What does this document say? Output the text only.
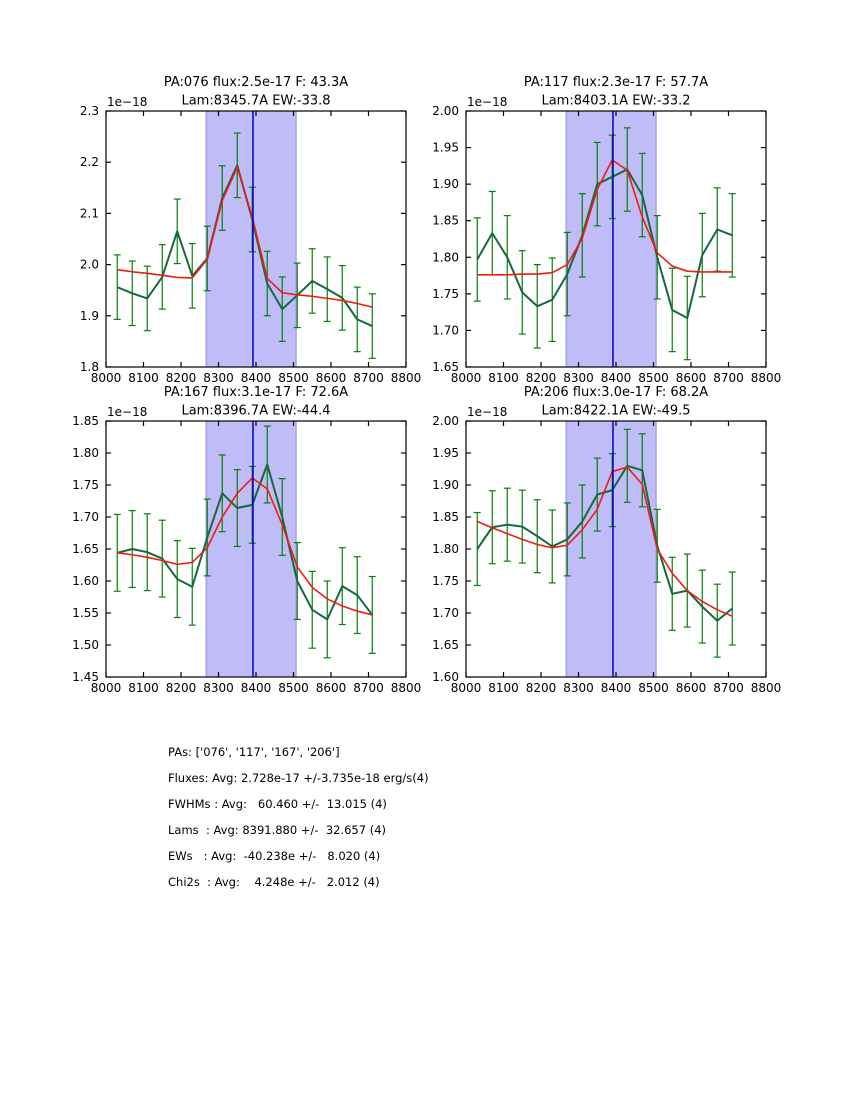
8000 8100 8200 8300 8400 8500 8600 8700 8800
1.8
1.9
2.0
2.1
2.2
2.3
1e−18
PA:076 flux:2.5e-17 F: 43.3A
Lam:8345.7A EW:-33.8
8000 8100 8200 8300 8400 8500 8600 8700 8800
1.65
1.70
1.75
1.80
1.85
1.90
1.95
2.00
1e−18
PA:117 flux:2.3e-17 F: 57.7A
Lam:8403.1A EW:-33.2
8000 8100 8200 8300 8400 8500 8600 8700 8800
1.45
1.50
1.55
1.60
1.65
1.70
1.75
1.80
1.85
1e−18
PA:167 flux:3.1e-17 F: 72.6A
Lam:8396.7A EW:-44.4
8000 8100 8200 8300 8400 8500 8600 8700 8800
1.60
1.65
1.70
1.75
1.80
1.85
1.90
1.95
2.00
1e−18
PA:206 flux:3.0e-17 F: 68.2A
Lam:8422.1A EW:-49.5
PAs: ['076', '117', '167', '206']
Fluxes: Avg: 2.728e-17 +/-3.735e-18 erg/s(4)
FWHMs : Avg:   60.460 +/-  13.015 (4)
Lams  : Avg: 8391.880 +/-  32.657 (4)
EWs   : Avg:  -40.238e +/-   8.020 (4)
Chi2s  : Avg:    4.248e +/-   2.012 (4)
